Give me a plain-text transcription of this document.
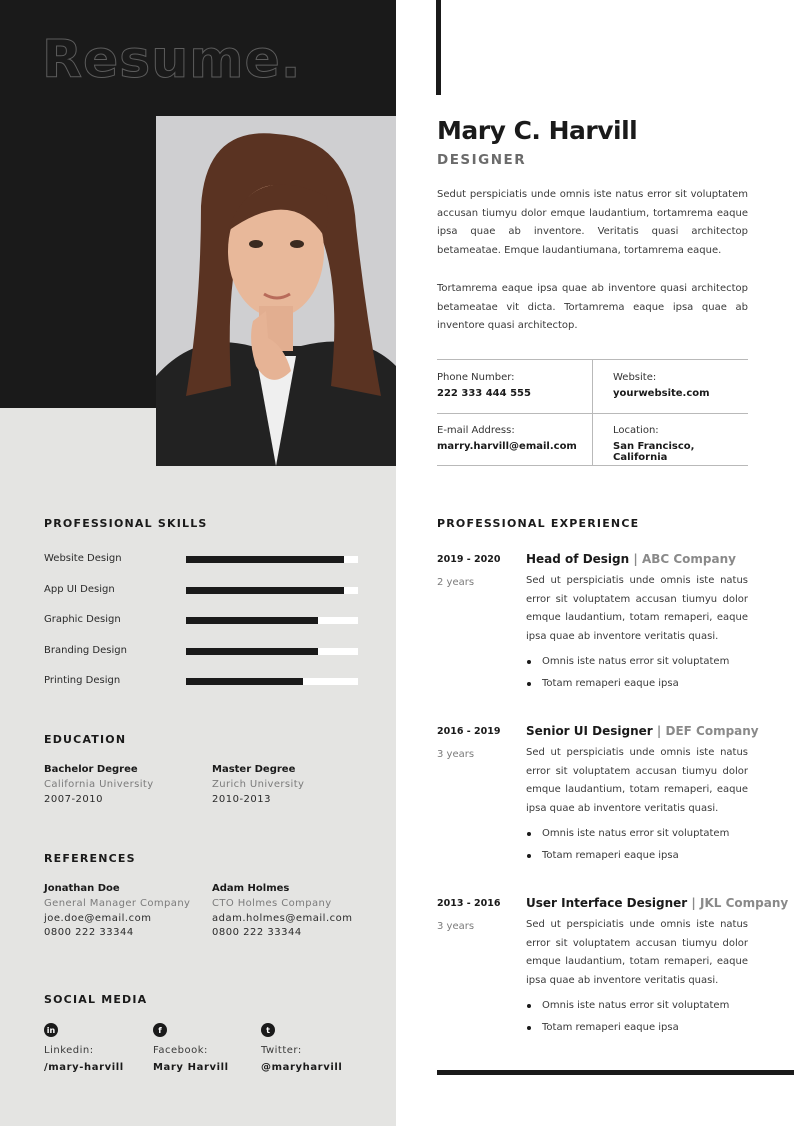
Resume.
Mary C. Harvill
DESIGNER

Sedut perspiciatis unde omnis iste natus error sit voluptatem accusan tiumyu dolor emque laudantium, tortamrema eaque ipsa quae ab inventore. Veritatis quasi architectop betameatae. Emque laudantiumana, tortamrema eaque.

Tortamrema eaque ipsa quae ab inventore quasi architectop betameatae vit dicta. Tortamrema eaque ipsa quae ab inventore quasi architectop.

Phone Number:
222 333 444 555
Website:
yourwebsite.com
E-mail Address:
marry.harvill@email.com
Location:
San Francisco, California
PROFESSIONAL SKILLS
Website Design
App UI Design
Graphic Design
Branding Design
Printing Design
EDUCATION
Bachelor Degree
California University
2007-2010
Master Degree
Zurich University
2010-2013
REFERENCES
Jonathan Doe
General Manager Company
joe.doe@email.com
0800 222 33344
Adam Holmes
CTO Holmes Company
adam.holmes@email.com
0800 222 33344
SOCIAL MEDIA
in
Linkedin:
/mary-harvill
f
Facebook:
Mary Harvill
t
Twitter:
@maryharvill
PROFESSIONAL EXPERIENCE
2019 - 2020
2 years
Head of Design | ABC Company

Sed ut perspiciatis unde omnis iste natus error sit voluptatem accusan tiumyu dolor emque laudantium, totam remaperi, eaque ipsa quae ab inventore veritatis quasi.

Omnis iste natus error sit voluptatem
Totam remaperi eaque ipsa
2016 - 2019
3 years
Senior UI Designer | DEF Company

Sed ut perspiciatis unde omnis iste natus error sit voluptatem accusan tiumyu dolor emque laudantium, totam remaperi, eaque ipsa quae ab inventore veritatis quasi.

Omnis iste natus error sit voluptatem
Totam remaperi eaque ipsa
2013 - 2016
3 years
User Interface Designer | JKL Company

Sed ut perspiciatis unde omnis iste natus error sit voluptatem accusan tiumyu dolor emque laudantium, totam remaperi, eaque ipsa quae ab inventore veritatis quasi.

Omnis iste natus error sit voluptatem
Totam remaperi eaque ipsa
